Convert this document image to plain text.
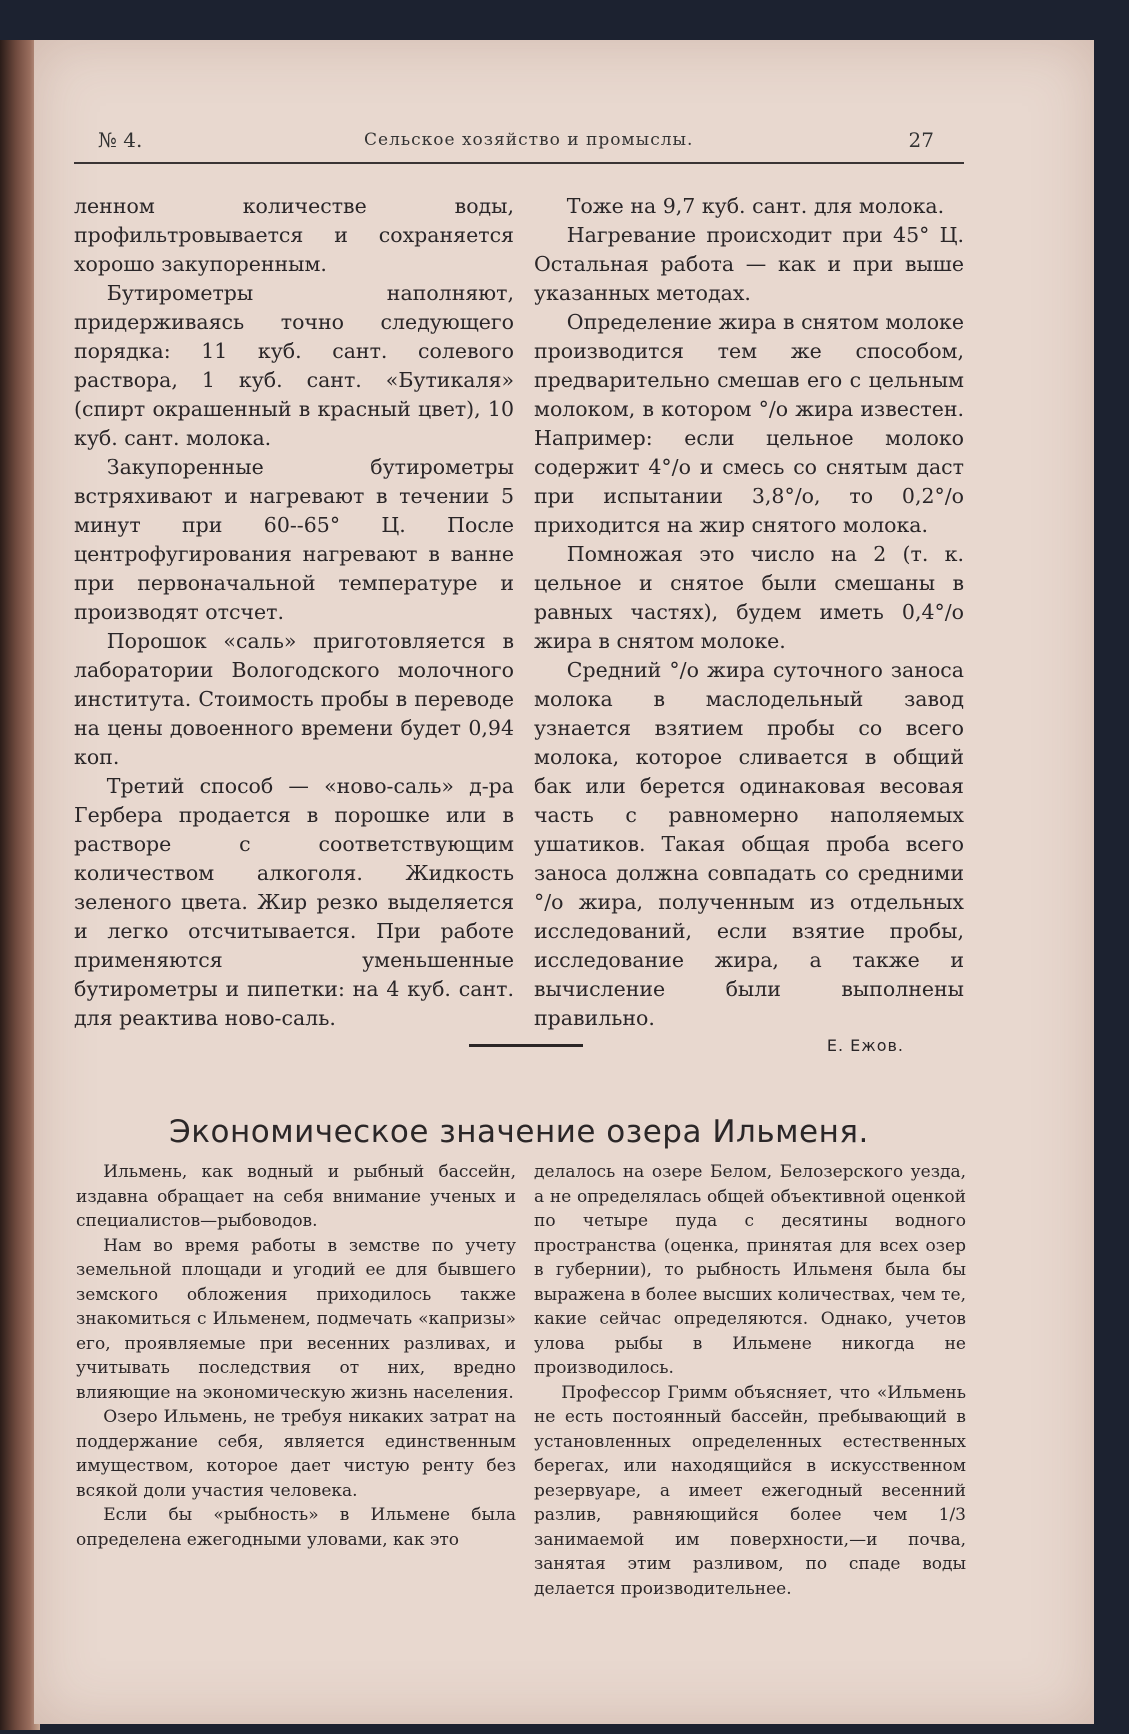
№ 4.	Сельское хозяйство и промыслы.	27

ленном количестве воды, профильтровывается и сохраняется хорошо закупоренным.

Бутирометры наполняют, придерживаясь точно следующего порядка: 11 куб. сант. солевого раствора, 1 куб. сант. «Бутикаля» (спирт окрашенный в красный цвет), 10 куб. сант. молока.

Закупоренные бутирометры встряхивают и нагревают в течении 5 минут при 60--65° Ц. После центрофугирования нагревают в ванне при первоначальной температуре и производят отсчет.

Порошок «саль» приготовляется в лаборатории Вологодского молочного института. Стоимость пробы в переводе на цены довоенного времени будет 0,94 коп.

Третий способ — «ново-саль» д-ра Гербера продается в порошке или в растворе с соответствующим количеством алкоголя. Жидкость зеленого цвета. Жир резко выделяется и легко отсчитывается. При работе применяются уменьшенные бутирометры и пипетки: на 4 куб. сант. для реактива ново-саль.

Тоже на 9,7 куб. сант. для молока.

Нагревание происходит при 45° Ц. Остальная работа — как и при выше указанных методах.

Определение жира в снятом молоке производится тем же способом, предварительно смешав его с цельным молоком, в котором °/o жира известен. Например: если цельное молоко содержит 4°/o и смесь со снятым даст при испытании 3,8°/o, то 0,2°/o приходится на жир снятого молока.

Помножая это число на 2 (т. к. цельное и снятое были смешаны в равных частях), будем иметь 0,4°/o жира в снятом молоке.

Средний °/o жира суточного заноса молока в маслодельный завод узнается взятием пробы со всего молока, которое сливается в общий бак или берется одинаковая весовая часть с равномерно наполяемых ушатиков. Такая общая проба всего заноса должна совпадать со средними °/o жира, полученным из отдельных исследований, если взятие пробы, исследование жира, а также и вычисление были выполнены правильно.

Е. Ежов.
Экономическое значение озера Ильменя.

Ильмень, как водный и рыбный бассейн, издавна обращает на себя внимание ученых и специалистов—рыбоводов.

Нам во время работы в земстве по учету земельной площади и угодий ее для бывшего земского обложения приходилось также знакомиться с Ильменем, подмечать «капризы» его, проявляемые при весенних разливах, и учитывать последствия от них, вредно влияющие на экономическую жизнь населения.

Озеро Ильмень, не требуя никаких затрат на поддержание себя, является единственным имуществом, которое дает чистую ренту без всякой доли участия человека.

Если бы «рыбность» в Ильмене была определена ежегодными уловами, как это

делалось на озере Белом, Белозерского уезда, а не определялась общей объективной оценкой по четыре пуда с десятины водного пространства (оценка, принятая для всех озер в губернии), то рыбность Ильменя была бы выражена в более высших количествах, чем те, какие сейчас определяются. Однако, учетов улова рыбы в Ильмене никогда не производилось.

Профессор Гримм объясняет, что «Ильмень не есть постоянный бассейн, пребывающий в установленных определенных естественных берегах, или находящийся в искусственном резервуаре, а имеет ежегодный весенний разлив, равняющийся более чем 1/3 занимаемой им поверхности,—и почва, занятая этим разливом, по спаде воды делается производительнее.
